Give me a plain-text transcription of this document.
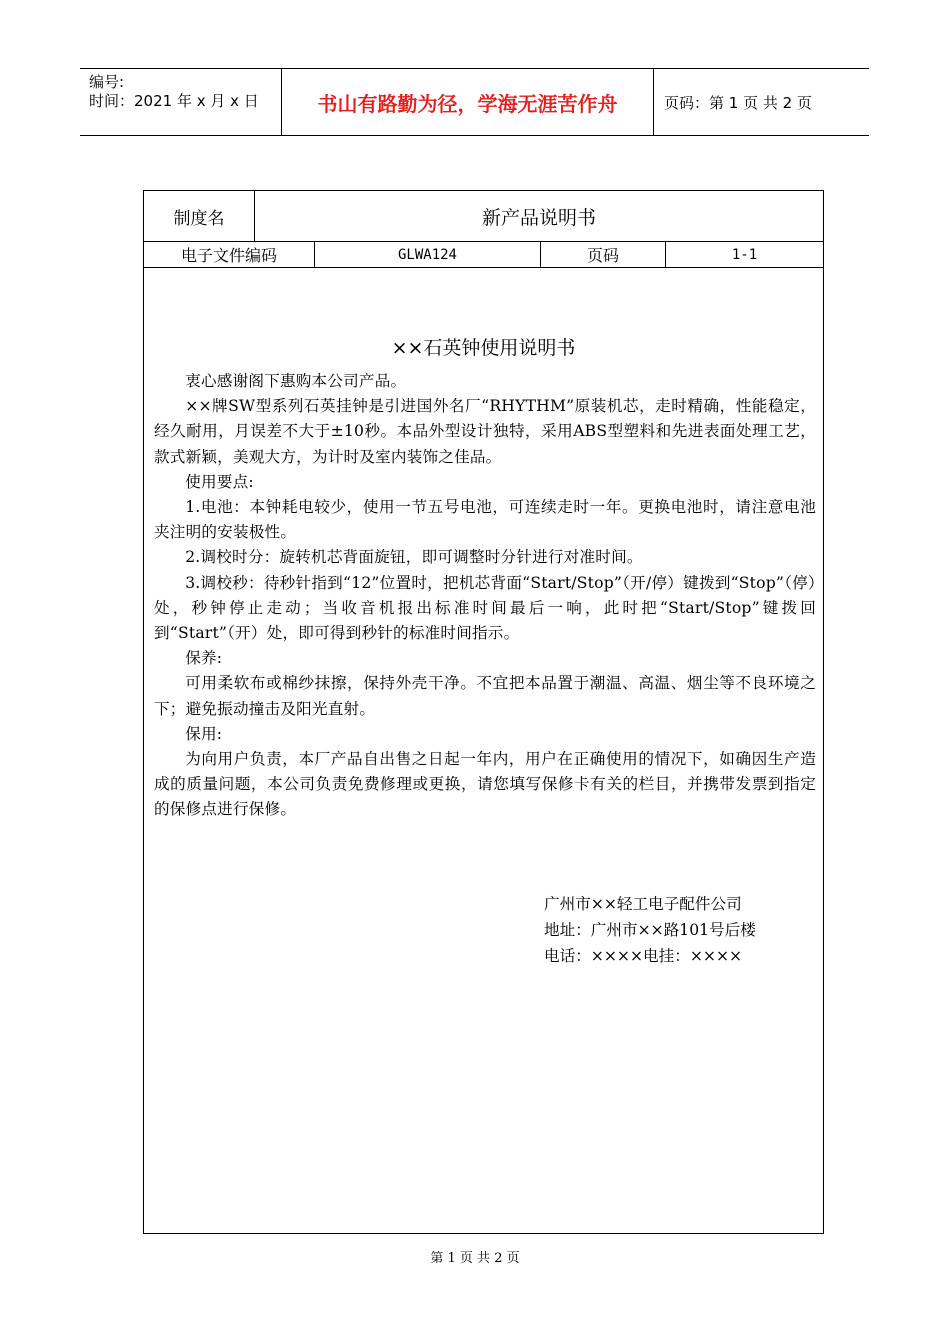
编号:
时间：2021 年 x 月 x 日	书山有路勤为径，学海无涯苦作舟	页码：第 1 页 共 2 页
制度名	新产品说明书
电子文件编码	GLWA124	页码	1-1
××石英钟使用说明书

衷心感谢阁下惠购本公司产品。

××牌SW型系列石英挂钟是引进国外名厂“RHYTHM”原装机芯，走时精确，性能稳定，经久耐用，月误差不大于±10秒。本品外型设计独特，采用ABS型塑料和先进表面处理工艺，款式新颖，美观大方，为计时及室内装饰之佳品。

使用要点:

1.电池：本钟耗电较少，使用一节五号电池，可连续走时一年。更换电池时，请注意电池夹注明的安装极性。

2.调校时分：旋转机芯背面旋钮，即可调整时分针进行对准时间。

3.调校秒：待秒针指到“12”位置时，把机芯背面“Start/Stop”（开/停）键拨到“Stop”（停）处，秒钟停止走动；当收音机报出标准时间最后一响，此时把“Start/Stop”键拨回到“Start”（开）处，即可得到秒针的标准时间指示。

保养:

可用柔软布或棉纱抹擦，保持外壳干净。不宜把本品置于潮温、高温、烟尘等不良环境之下；避免振动撞击及阳光直射。

保用:

为向用户负责，本厂产品自出售之日起一年内，用户在正确使用的情况下，如确因生产造成的质量问题，本公司负责免费修理或更换，请您填写保修卡有关的栏目，并携带发票到指定的保修点进行保修。

广州市××轻工电子配件公司
地址：广州市××路101号后楼
电话：××××电挂：××××
第 1 页 共 2 页
